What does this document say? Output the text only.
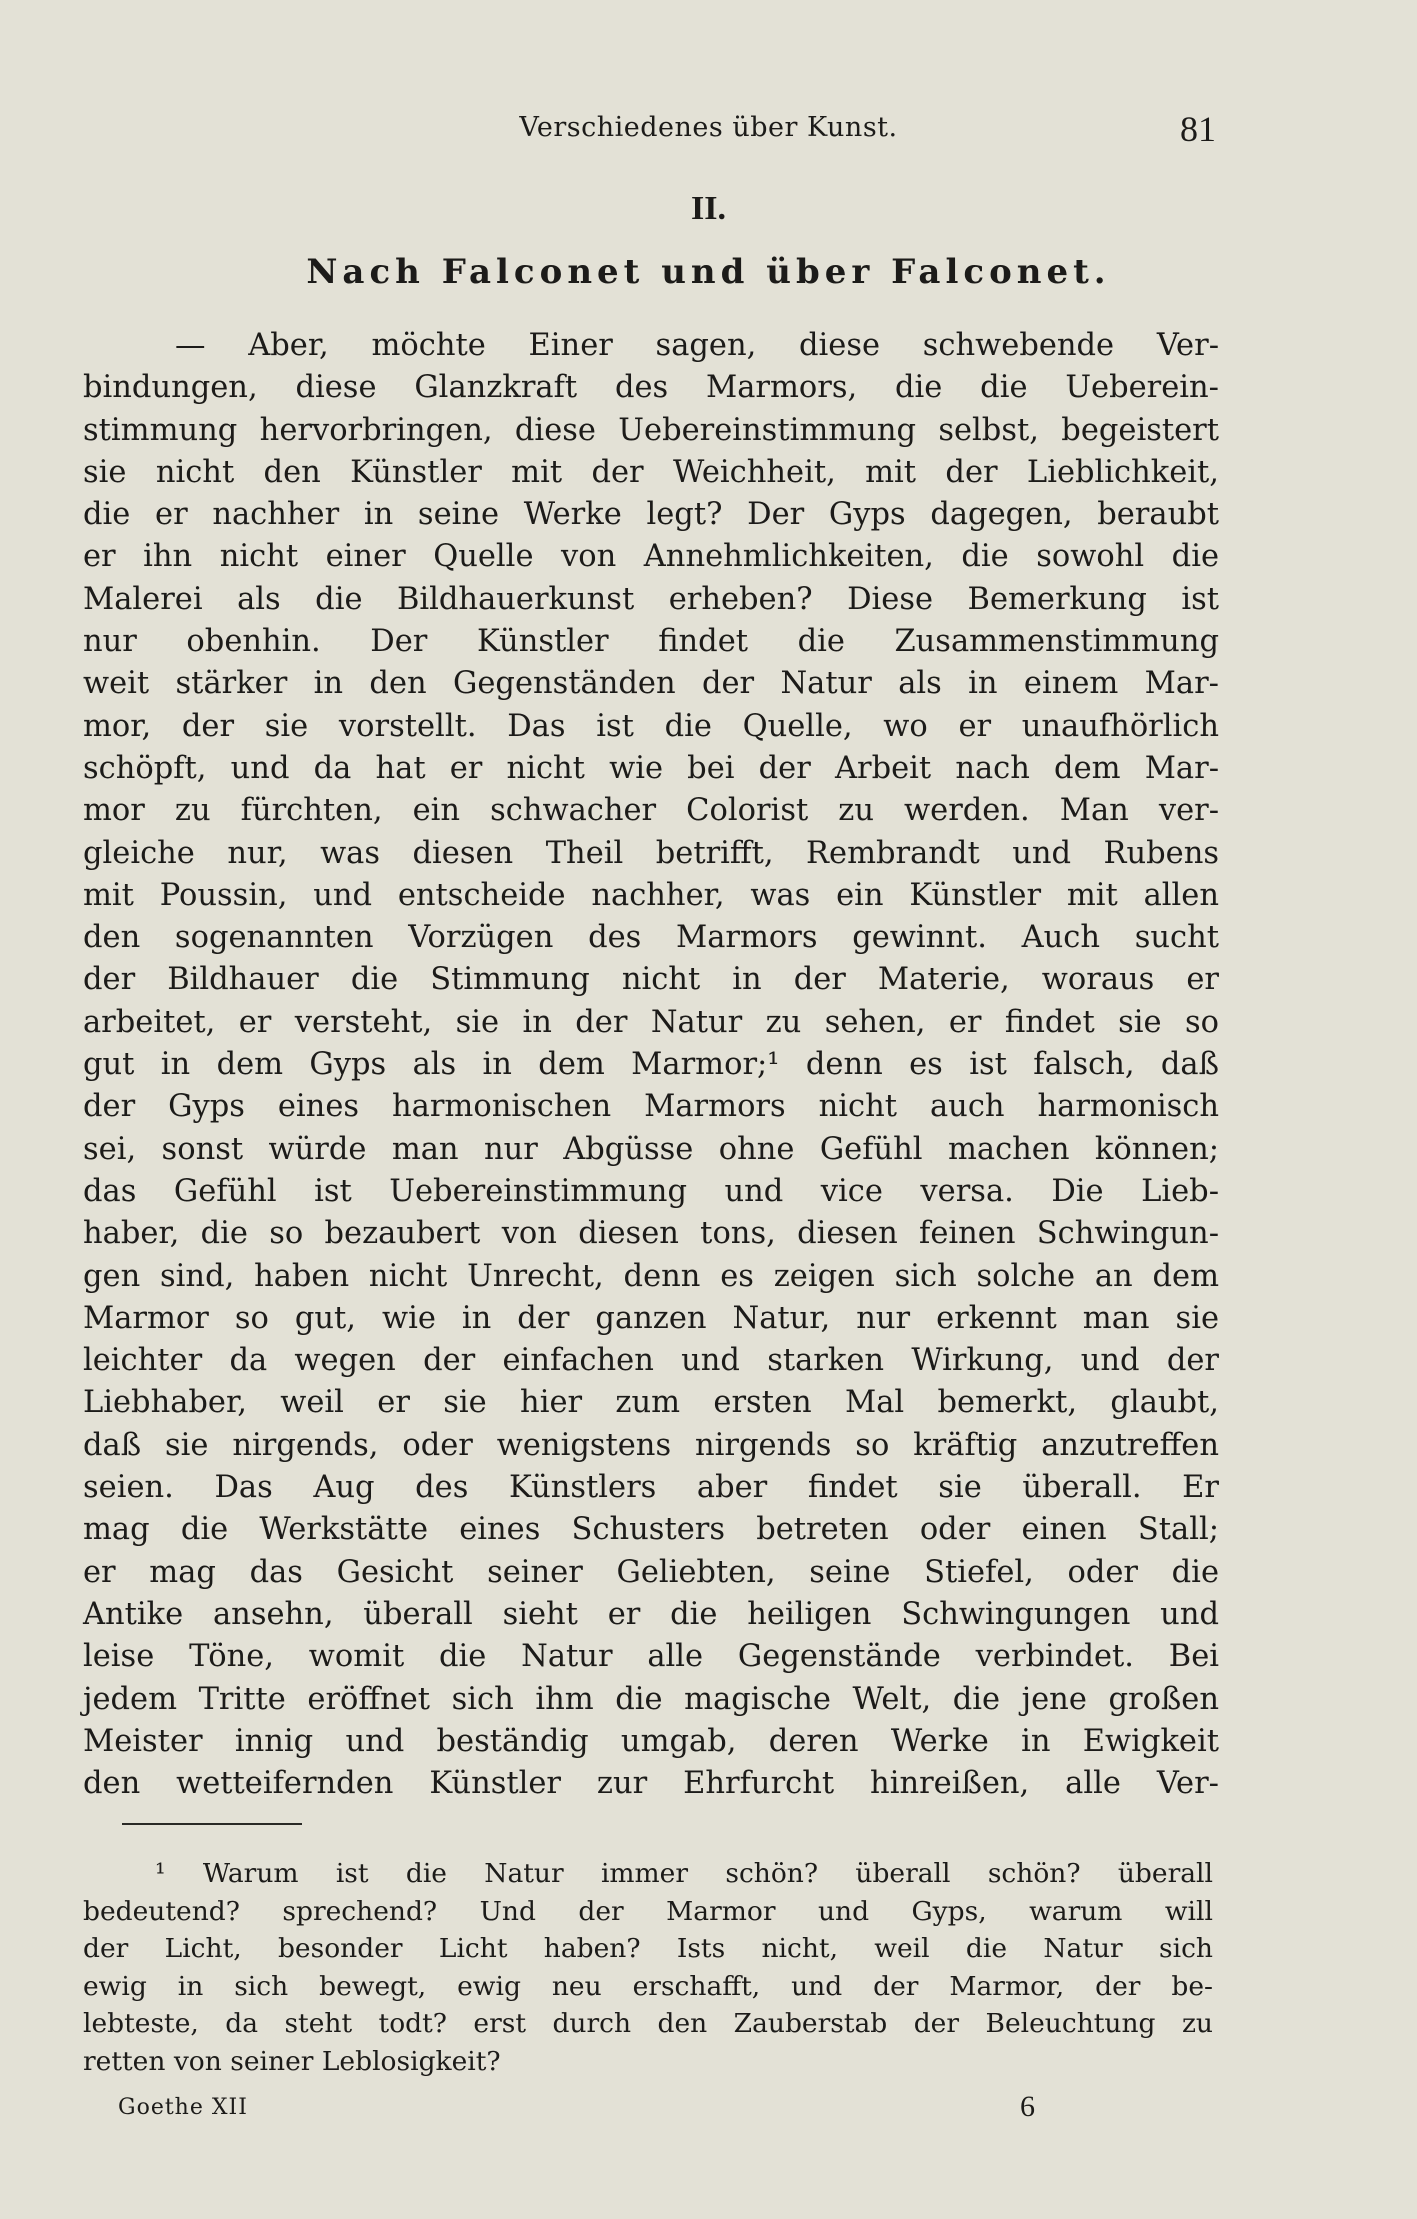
Verschiedenes über Kunst.	81
II.
Nach Falconet und über Falconet.
— Aber, möchte Einer sagen, diese schwebende Ver-
bindungen, diese Glanzkraft des Marmors, die die Ueberein-
stimmung hervorbringen, diese Uebereinstimmung selbst, begeistert
sie nicht den Künstler mit der Weichheit, mit der Lieblichkeit,
die er nachher in seine Werke legt? Der Gyps dagegen, beraubt
er ihn nicht einer Quelle von Annehmlichkeiten, die sowohl die
Malerei als die Bildhauerkunst erheben? Diese Bemerkung ist
nur obenhin. Der Künstler findet die Zusammenstimmung
weit stärker in den Gegenständen der Natur als in einem Mar-
mor, der sie vorstellt. Das ist die Quelle, wo er unaufhörlich
schöpft, und da hat er nicht wie bei der Arbeit nach dem Mar-
mor zu fürchten, ein schwacher Colorist zu werden. Man ver-
gleiche nur, was diesen Theil betrifft, Rembrandt und Rubens
mit Poussin, und entscheide nachher, was ein Künstler mit allen
den sogenannten Vorzügen des Marmors gewinnt. Auch sucht
der Bildhauer die Stimmung nicht in der Materie, woraus er
arbeitet, er versteht, sie in der Natur zu sehen, er findet sie so
gut in dem Gyps als in dem Marmor;¹ denn es ist falsch, daß
der Gyps eines harmonischen Marmors nicht auch harmonisch
sei, sonst würde man nur Abgüsse ohne Gefühl machen können;
das Gefühl ist Uebereinstimmung und vice versa. Die Lieb-
haber, die so bezaubert von diesen tons, diesen feinen Schwingun-
gen sind, haben nicht Unrecht, denn es zeigen sich solche an dem
Marmor so gut, wie in der ganzen Natur, nur erkennt man sie
leichter da wegen der einfachen und starken Wirkung, und der
Liebhaber, weil er sie hier zum ersten Mal bemerkt, glaubt,
daß sie nirgends, oder wenigstens nirgends so kräftig anzutreffen
seien. Das Aug des Künstlers aber findet sie überall. Er
mag die Werkstätte eines Schusters betreten oder einen Stall;
er mag das Gesicht seiner Geliebten, seine Stiefel, oder die
Antike ansehn, überall sieht er die heiligen Schwingungen und
leise Töne, womit die Natur alle Gegenstände verbindet. Bei
jedem Tritte eröffnet sich ihm die magische Welt, die jene großen
Meister innig und beständig umgab, deren Werke in Ewigkeit
den wetteifernden Künstler zur Ehrfurcht hinreißen, alle Ver-
¹ Warum ist die Natur immer schön? überall schön? überall
bedeutend? sprechend? Und der Marmor und Gyps, warum will
der Licht, besonder Licht haben? Ists nicht, weil die Natur sich
ewig in sich bewegt, ewig neu erschafft, und der Marmor, der be-
lebteste, da steht todt? erst durch den Zauberstab der Beleuchtung zu
retten von seiner Leblosigkeit?
Goethe XII	6
